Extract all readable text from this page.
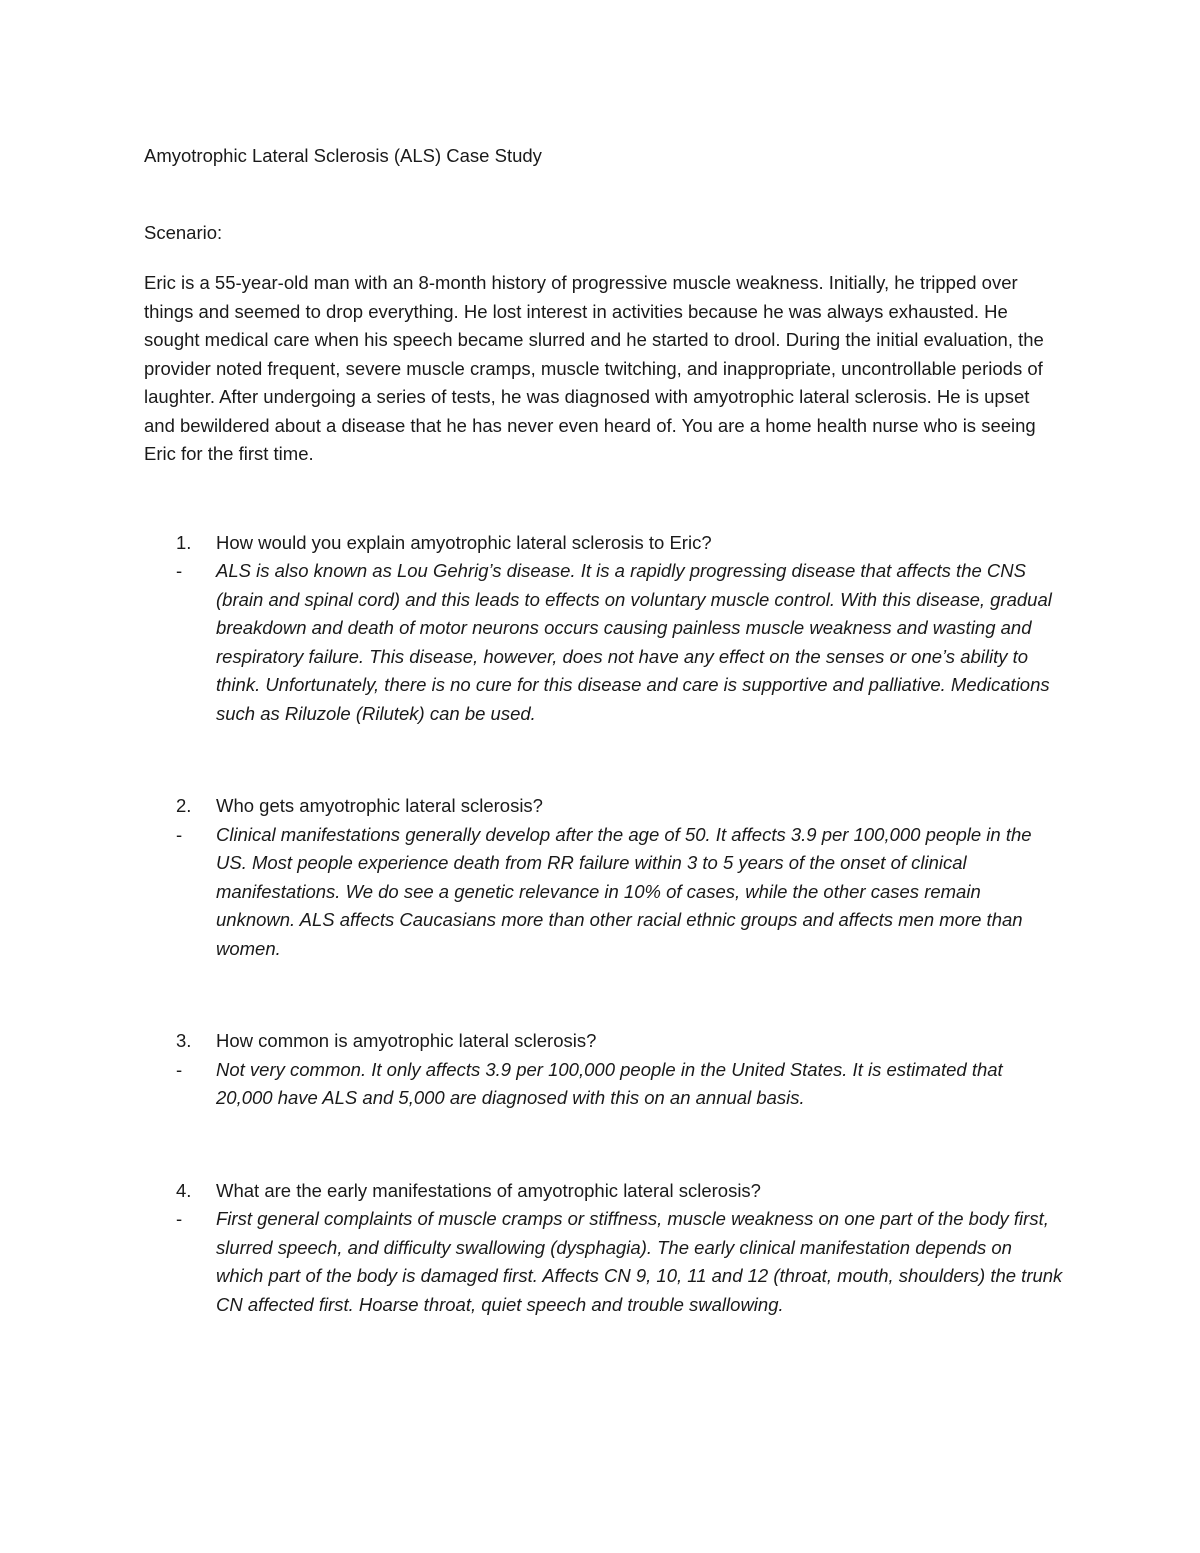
Amyotrophic Lateral Sclerosis (ALS) Case Study

Scenario:

Eric is a 55-year-old man with an 8-month history of progressive muscle weakness. Initially, he tripped over things and seemed to drop everything. He lost interest in activities because he was always exhausted. He sought medical care when his speech became slurred and he started to drool. During the initial evaluation, the provider noted frequent, severe muscle cramps, muscle twitching, and inappropriate, uncontrollable periods of laughter. After undergoing a series of tests, he was diagnosed with amyotrophic lateral sclerosis. He is upset and bewildered about a disease that he has never even heard of. You are a home health nurse who is seeing Eric for the first time.

1.	How would you explain amyotrophic lateral sclerosis to Eric?
-	ALS is also known as Lou Gehrig’s disease. It is a rapidly progressing disease that affects the CNS (brain and spinal cord) and this leads to effects on voluntary muscle control. With this disease, gradual breakdown and death of motor neurons occurs causing painless muscle weakness and wasting and respiratory failure. This disease, however, does not have any effect on the senses or one’s ability to think. Unfortunately, there is no cure for this disease and care is supportive and palliative. Medications such as Riluzole (Rilutek) can be used.
2.	Who gets amyotrophic lateral sclerosis?
-	Clinical manifestations generally develop after the age of 50. It affects 3.9 per 100,000 people in the US. Most people experience death from RR failure within 3 to 5 years of the onset of clinical manifestations. We do see a genetic relevance in 10% of cases, while the other cases remain unknown. ALS affects Caucasians more than other racial ethnic groups and affects men more than women.
3.	How common is amyotrophic lateral sclerosis?
-	Not very common. It only affects 3.9 per 100,000 people in the United States. It is estimated that 20,000 have ALS and 5,000 are diagnosed with this on an annual basis.
4.	What are the early manifestations of amyotrophic lateral sclerosis?
-	First general complaints of muscle cramps or stiffness, muscle weakness on one part of the body first, slurred speech, and difficulty swallowing (dysphagia). The early clinical manifestation depends on which part of the body is damaged first. Affects CN 9, 10, 11 and 12 (throat, mouth, shoulders) the trunk CN affected first. Hoarse throat, quiet speech and trouble swallowing.
